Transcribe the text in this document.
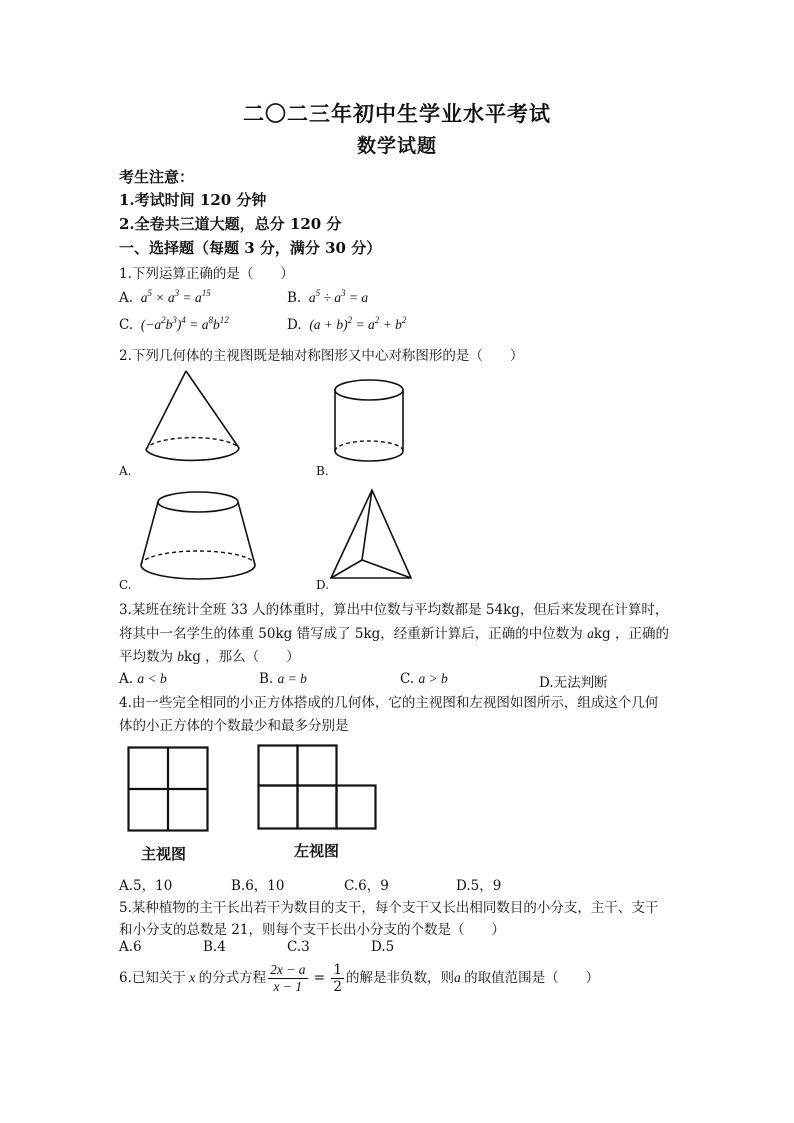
二〇二三年初中生学业水平考试
数学试题
考生注意：
1.考试时间 120 分钟
2.全卷共三道大题，总分 120 分
一、选择题（每题 3 分，满分 30 分）
1.下列运算正确的是（　　）
A.  $a^5 \times a^3 = a^{15}$	B.  $a^5 \div a^3 = a$
C.  $(-a^2b^3)^4 = a^8b^{12}$	D.  $(a + b)^2 = a^2 + b^2$
2.下列几何体的主视图既是轴对称图形又中心对称图形的是（　　）
A.	B.
C.	D.
3.某班在统计全班 33 人的体重时，算出中位数与平均数都是 54kg，但后来发现在计算时，
将其中一名学生的体重 50kg 错写成了 5kg，经重新计算后，正确的中位数为 akg ，正确的
平均数为 bkg ，那么（　　）
A. a < b	B. a = b	C. a > b	D.无法判断
4.由一些完全相同的小正方体搭成的几何体，它的主视图和左视图如图所示，组成这个几何
体的小正方体的个数最少和最多分别是
主视图	左视图
A.5，10	B.6，10	C.6，9	D.5，9
5.某种植物的主干长出若干为数目的支干，每个支干又长出相同数目的小分支，主干、支干
和小分支的总数是 21，则每个支干长出小分支的个数是（　　）
A.6	B.4	C.3	D.5
6.已知关于 x 的分式方程 $\frac{2x - a}{x - 1} = \frac{1}{2}$ 的解是非负数，则a 的取值范围是（　　）
